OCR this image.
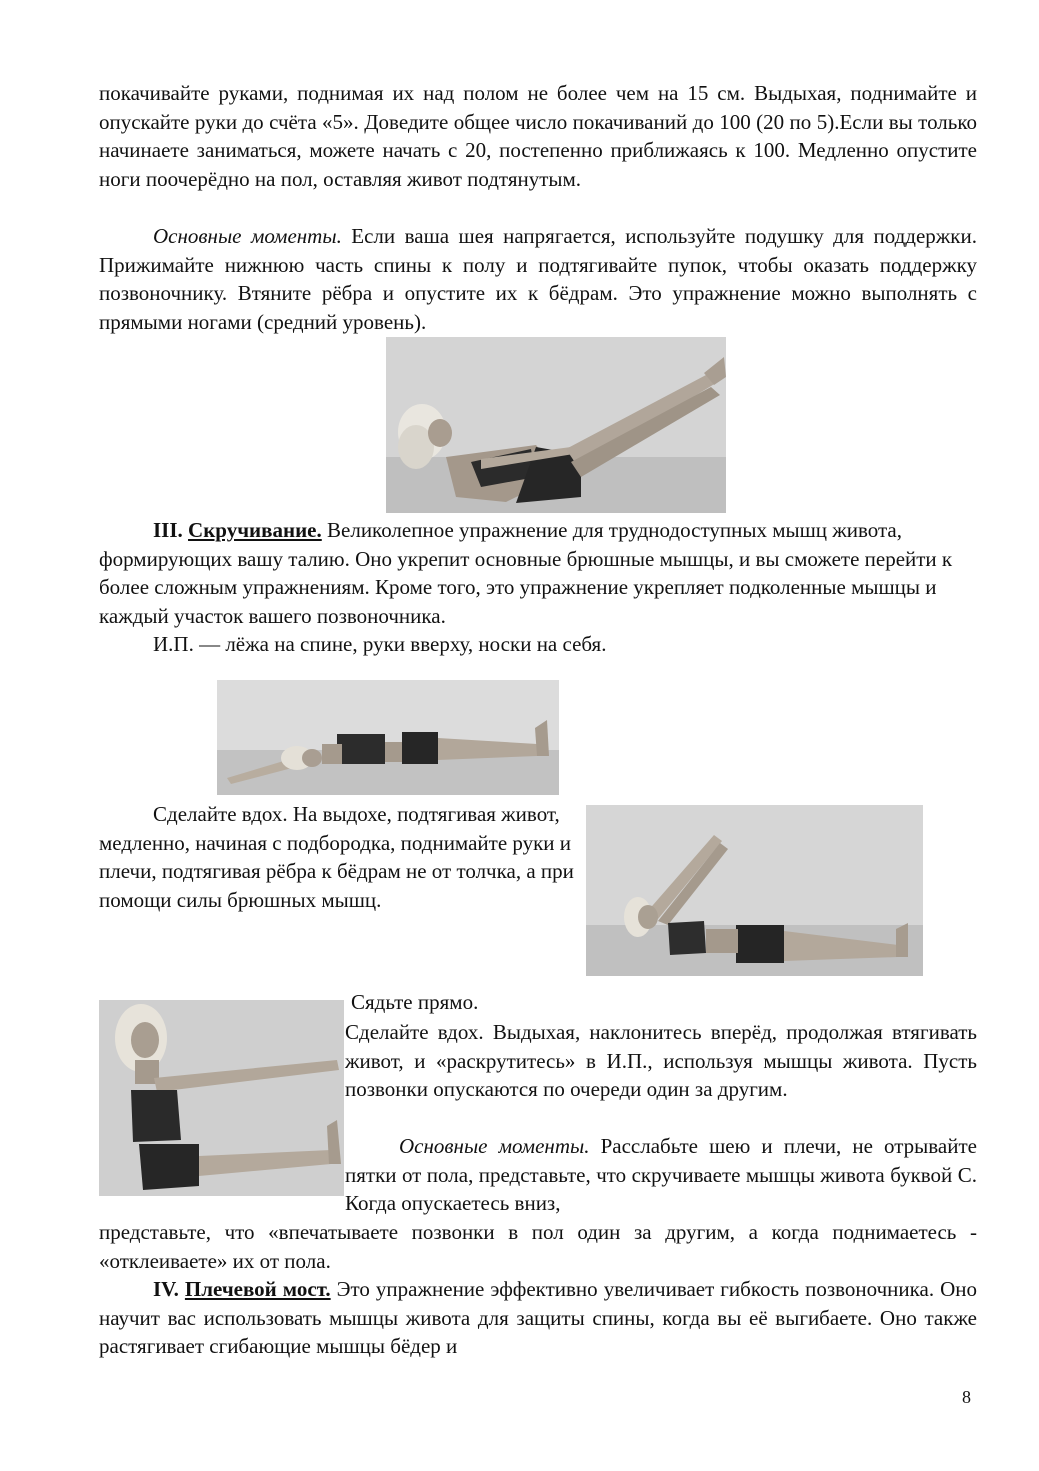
покачивайте руками, поднимая их над полом не более чем на 15 см. Выдыхая, поднимайте и опускайте руки до счёта «5». Доведите общее число покачиваний до 100 (20 по 5).Если вы только начинаете заниматься, можете начать с 20, постепенно приближаясь к 100. Медленно опустите ноги поочерёдно на пол, оставляя живот подтянутым.

Основные моменты. Если ваша шея напрягается, используйте подушку для поддержки. Прижимайте нижнюю часть спины к полу и подтягивайте пупок, чтобы оказать поддержку позвоночнику. Втяните рёбра и опустите их к бёдрам. Это упражнение можно выполнять с прямыми ногами (средний уровень).

III. Скручивание. Великолепное упражнение для труднодоступных мышц живота, формирующих вашу талию. Оно укрепит основные брюшные мышцы, и вы сможете перейти к более сложным упражнениям. Кроме того, это упражнение укрепляет подколенные мышцы и каждый участок вашего позвоночника.

И.П. — лёжа на спине, руки вверху, носки на себя.

Сделайте вдох. На выдохе, подтягивая живот, медленно, начиная с подбородка, поднимайте руки и плечи, подтягивая рёбра к бёдрам не от толчка, а при помощи силы брюшных мышц.

Сядьте прямо.

Сделайте вдох. Выдыхая, наклонитесь вперёд, продолжая втягивать живот, и «раскрутитесь» в И.П., используя мышцы живота. Пусть позвонки опускаются по очереди один за другим.

Основные моменты. Расслабьте шею и плечи, не отрывайте пятки от пола, представьте, что скручиваете мышцы живота буквой С. Когда опускаетесь вниз,

представьте, что «впечатываете позвонки в пол один за другим, а когда поднимаетесь - «отклеиваете» их от пола.

IV. Плечевой мост. Это упражнение эффективно увеличивает гибкость позвоночника. Оно научит вас использовать мышцы живота для защиты спины, когда вы её выгибаете. Оно также растягивает сгибающие мышцы бёдер и

8
